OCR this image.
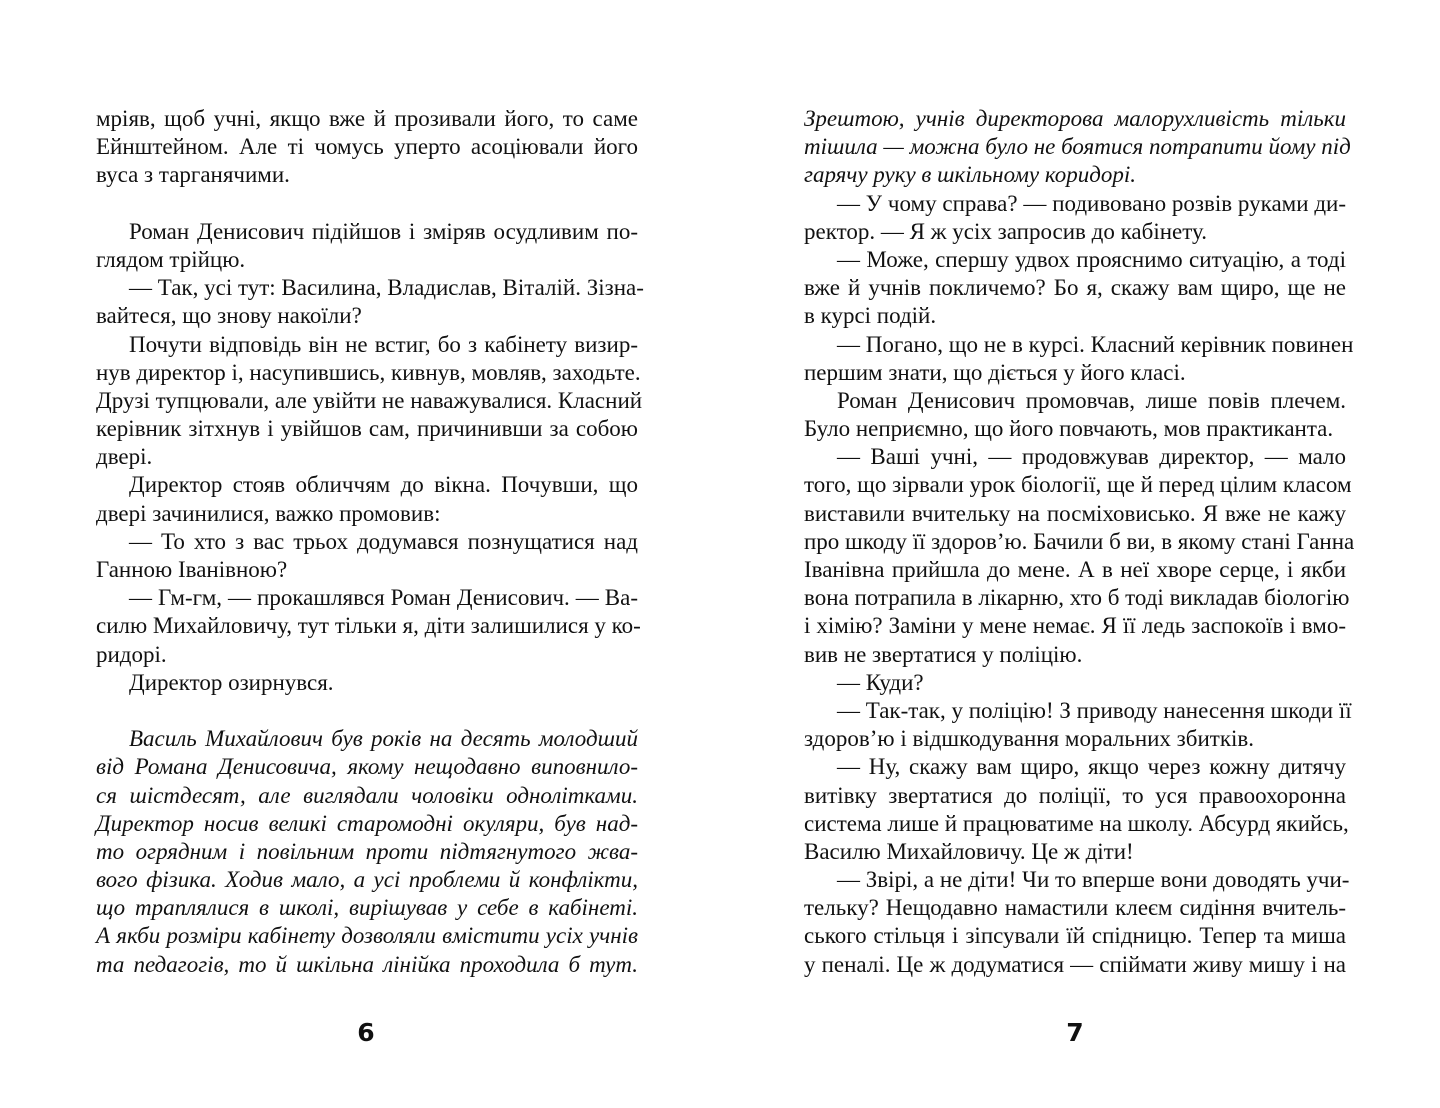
мріяв, щоб учні, якщо вже й прозивали його, то саме
Ейнштейном. Але ті чомусь уперто асоціювали його
вуса з тарганячими.
Роман Денисович підійшов і зміряв осудливим по-
глядом трійцю.
— Так, усі тут: Василина, Владислав, Віталій. Зізна-
вайтеся, що знову накоїли?
Почути відповідь він не встиг, бо з кабінету визир-
нув директор і, насупившись, кивнув, мовляв, заходьте.
Друзі тупцювали, але увійти не наважувалися. Класний
керівник зітхнув і увійшов сам, причинивши за собою
двері.
Директор стояв обличчям до вікна. Почувши, що
двері зачинилися, важко промовив:
— То хто з вас трьох додумався познущатися над
Ганною Іванівною?
— Гм-гм, — прокашлявся Роман Денисович. — Ва-
силю Михайловичу, тут тільки я, діти залишилися у ко-
ридорі.
Директор озирнувся.
Василь Михайлович був років на десять молодший
від Романа Денисовича, якому нещодавно виповнило-
ся шістдесят, але виглядали чоловіки однолітками.
Директор носив великі старомодні окуляри, був над-
то огрядним і повільним проти підтягнутого жва-
вого фізика. Ходив мало, а усі проблеми й конфлікти,
що траплялися в школі, вирішував у себе в кабінеті.
А якби розміри кабінету дозволяли вмістити усіх учнів
та педагогів, то й шкільна лінійка проходила б тут.
6
Зрештою, учнів директорова малорухливість тільки
тішила — можна було не боятися потрапити йому під
гарячу руку в шкільному коридорі.
— У чому справа? — подивовано розвів руками ди-
ректор. — Я ж усіх запросив до кабінету.
— Може, спершу удвох прояснимо ситуацію, а тоді
вже й учнів покличемо? Бо я, скажу вам щиро, ще не
в курсі подій.
— Погано, що не в курсі. Класний керівник повинен
першим знати, що діється у його класі.
Роман Денисович промовчав, лише повів плечем.
Було неприємно, що його повчають, мов практиканта.
— Ваші учні, — продовжував директор, — мало
того, що зірвали урок біології, ще й перед цілим класом
виставили вчительку на посміховисько. Я вже не кажу
про шкоду її здоров’ю. Бачили б ви, в якому стані Ганна
Іванівна прийшла до мене. А в неї хворе серце, і якби
вона потрапила в лікарню, хто б тоді викладав біологію
і хімію? Заміни у мене немає. Я її ледь заспокоїв і вмо-
вив не звертатися у поліцію.
— Куди?
— Так-так, у поліцію! З приводу нанесення шкоди її
здоров’ю і відшкодування моральних збитків.
— Ну, скажу вам щиро, якщо через кожну дитячу
витівку звертатися до поліції, то уся правоохоронна
система лише й працюватиме на школу. Абсурд якийсь,
Василю Михайловичу. Це ж діти!
— Звірі, а не діти! Чи то вперше вони доводять учи-
тельку? Нещодавно намастили клеєм сидіння вчитель-
ського стільця і зіпсували їй спідницю. Тепер та миша
у пеналі. Це ж додуматися — спіймати живу мишу і на
7
